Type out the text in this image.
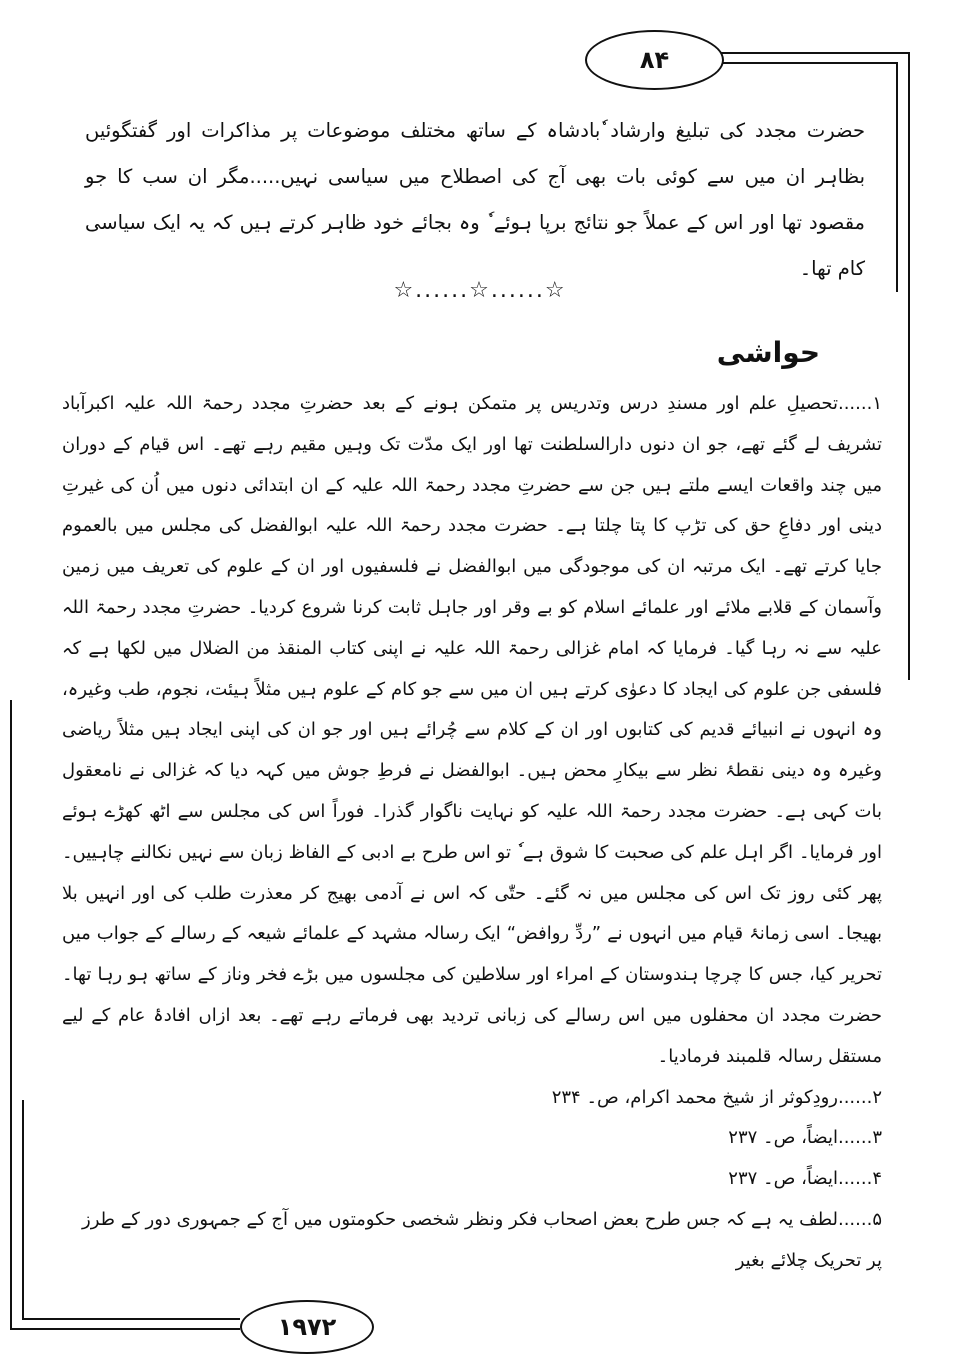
۸۴
۱۹۷۲
حضرت مجدد کی تبلیغ وارشاد ٗبادشاہ کے ساتھ مختلف موضوعات پر مذاکرات اور گفتگوئیں بظاہر ان میں سے کوئی بات بھی آج کی اصطلاح میں سیاسی نہیں.....مگر ان سب کا جو مقصود تھا اور اس کے عملاً جو نتائج برپا ہوئے ٗ وہ بجائے خود ظاہر کرتے ہیں کہ یہ ایک سیاسی کام تھا۔
☆......☆......☆
حواشی
۱......تحصیلِ علم اور مسندِ درس وتدریس پر متمکن ہونے کے بعد حضرتِ مجدد رحمۃ اللہ علیہ اکبرآباد تشریف لے گئے تھے، جو ان دنوں دارالسلطنت تھا اور ایک مدّت تک وہیں مقیم رہے تھے۔ اس قیام کے دوران میں چند واقعات ایسے ملتے ہیں جن سے حضرتِ مجدد رحمۃ اللہ علیہ کے ان ابتدائی دنوں میں اُن کی غیرتِ دینی اور دفاعِ حق کی تڑپ کا پتا چلتا ہے۔ حضرت مجدد رحمۃ اللہ علیہ ابوالفضل کی مجلس میں بالعموم جایا کرتے تھے۔ ایک مرتبہ ان کی موجودگی میں ابوالفضل نے فلسفیوں اور ان کے علوم کی تعریف میں زمین وآسمان کے قلابے ملائے اور علمائے اسلام کو بے وقر اور جاہل ثابت کرنا شروع کردیا۔ حضرتِ مجدد رحمۃ اللہ علیہ سے نہ رہا گیا۔ فرمایا کہ امام غزالی رحمۃ اللہ علیہ نے اپنی کتاب المنقذ من الضلال میں لکھا ہے کہ فلسفی جن علوم کی ایجاد کا دعوٰی کرتے ہیں ان میں سے جو کام کے علوم ہیں مثلاً ہیئت، نجوم، طب وغیرہ، وہ انہوں نے انبیائے قدیم کی کتابوں اور ان کے کلام سے چُرائے ہیں اور جو ان کی اپنی ایجاد ہیں مثلاً ریاضی وغیرہ وہ دینی نقطۂ نظر سے بیکارِ محض ہیں۔ ابوالفضل نے فرطِ جوش میں کہہ دیا کہ غزالی نے نامعقول بات کہی ہے۔ حضرت مجدد رحمۃ اللہ علیہ کو نہایت ناگوار گذرا۔ فوراً اس کی مجلس سے اٹھ کھڑے ہوئے اور فرمایا۔ اگر اہل علم کی صحبت کا شوق ہے ٗ تو اس طرح بے ادبی کے الفاظ زبان سے نہیں نکالنے چاہییں۔ پھر کئی روز تک اس کی مجلس میں نہ گئے۔ حتّٰی کہ اس نے آدمی بھیج کر معذرت طلب کی اور انہیں بلا بھیجا۔ اسی زمانۂ قیام میں انہوں نے ”ردِّ روافض“ ایک رسالہ مشہد کے علمائے شیعہ کے رسالے کے جواب میں تحریر کیا، جس کا چرچا ہندوستان کے امراء اور سلاطین کی مجلسوں میں بڑے فخر وناز کے ساتھ ہو رہا تھا۔ حضرت مجدد ان محفلوں میں اس رسالے کی زبانی تردید بھی فرماتے رہے تھے۔ بعد ازاں افادۂ عام کے لیے مستقل رسالہ قلمبند فرمادیا۔
۲......رودِکوثر از شیخ محمد اکرام، ص۔ ۲۳۴
۳......ایضاً، ص۔ ۲۳۷
۴......ایضاً، ص۔ ۲۳۷
۵......لطف یہ ہے کہ جس طرح بعض اصحاب فکر ونظر شخصی حکومتوں میں آج کے جمہوری دور کے طرز پر تحریک چلائے بغیر
